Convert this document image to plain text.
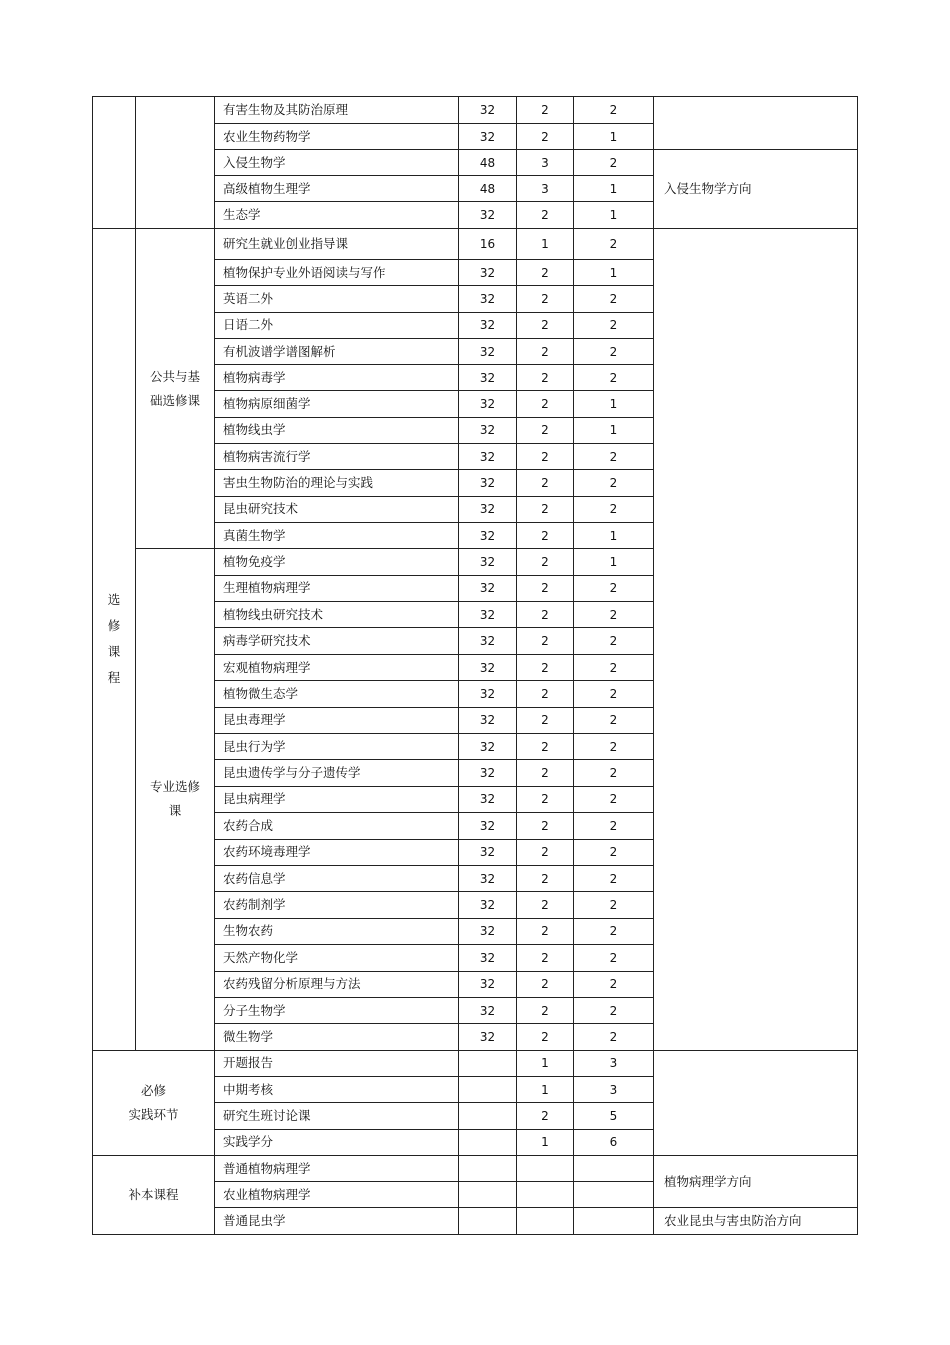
		有害生物及其防治原理	32	2	2	
		农业生物药物学	32	2	1	
		入侵生物学	48	3	2	入侵生物学方向
		高级植物生理学	48	3	1	
		生态学	32	2	1	
选
修
课
程	公共与基
础选修课	研究生就业创业指导课	16	1	2	
		植物保护专业外语阅读与写作	32	2	1	
		英语二外	32	2	2	
		日语二外	32	2	2	
		有机波谱学谱图解析	32	2	2	
		植物病毒学	32	2	2	
		植物病原细菌学	32	2	1	
		植物线虫学	32	2	1	
		植物病害流行学	32	2	2	
		害虫生物防治的理论与实践	32	2	2	
		昆虫研究技术	32	2	2	
		真菌生物学	32	2	1	
	专业选修
课	植物免疫学	32	2	1	
		生理植物病理学	32	2	2	
		植物线虫研究技术	32	2	2	
		病毒学研究技术	32	2	2	
		宏观植物病理学	32	2	2	
		植物微生态学	32	2	2	
		昆虫毒理学	32	2	2	
		昆虫行为学	32	2	2	
		昆虫遗传学与分子遗传学	32	2	2	
		昆虫病理学	32	2	2	
		农药合成	32	2	2	
		农药环境毒理学	32	2	2	
		农药信息学	32	2	2	
		农药制剂学	32	2	2	
		生物农药	32	2	2	
		天然产物化学	32	2	2	
		农药残留分析原理与方法	32	2	2	
		分子生物学	32	2	2	
		微生物学	32	2	2	
必修
实践环节		开题报告		1	3	
		中期考核		1	3	
		研究生班讨论课		2	5	
		实践学分		1	6	
补本课程		普通植物病理学				植物病理学方向
		农业植物病理学				
		普通昆虫学				农业昆虫与害虫防治方向
